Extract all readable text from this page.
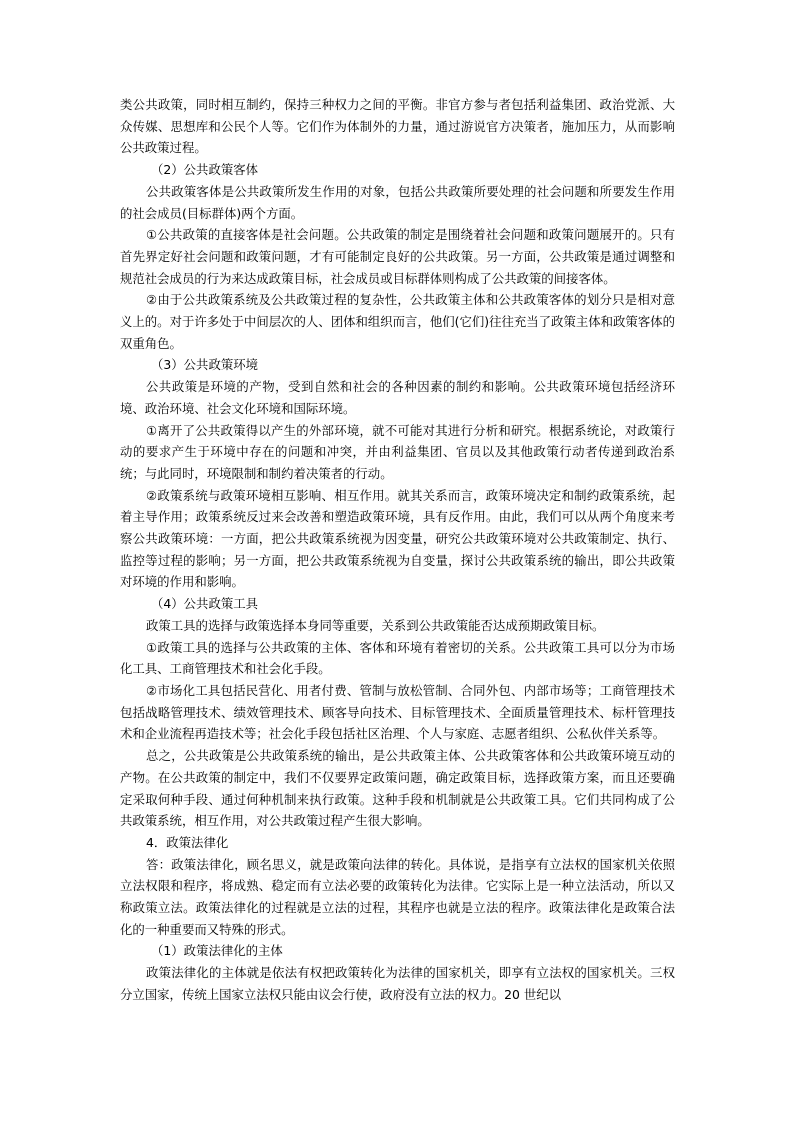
类公共政策，同时相互制约，保持三种权力之间的平衡。非官方参与者包括利益集团、政治党派、大众传媒、思想库和公民个人等。它们作为体制外的力量，通过游说官方决策者，施加压力，从而影响公共政策过程。

（2）公共政策客体

公共政策客体是公共政策所发生作用的对象，包括公共政策所要处理的社会问题和所要发生作用的社会成员(目标群体)两个方面。

①公共政策的直接客体是社会问题。公共政策的制定是围绕着社会问题和政策问题展开的。只有首先界定好社会问题和政策问题，才有可能制定良好的公共政策。另一方面，公共政策是通过调整和规范社会成员的行为来达成政策目标，社会成员或目标群体则构成了公共政策的间接客体。

②由于公共政策系统及公共政策过程的复杂性，公共政策主体和公共政策客体的划分只是相对意义上的。对于许多处于中间层次的人、团体和组织而言，他们(它们)往往充当了政策主体和政策客体的双重角色。

（3）公共政策环境

公共政策是环境的产物，受到自然和社会的各种因素的制约和影响。公共政策环境包括经济环境、政治环境、社会文化环境和国际环境。

①离开了公共政策得以产生的外部环境，就不可能对其进行分析和研究。根据系统论，对政策行动的要求产生于环境中存在的问题和冲突，并由利益集团、官员以及其他政策行动者传递到政治系统；与此同时，环境限制和制约着决策者的行动。

②政策系统与政策环境相互影响、相互作用。就其关系而言，政策环境决定和制约政策系统，起着主导作用；政策系统反过来会改善和塑造政策环境，具有反作用。由此，我们可以从两个角度来考察公共政策环境：一方面，把公共政策系统视为因变量，研究公共政策环境对公共政策制定、执行、监控等过程的影响；另一方面，把公共政策系统视为自变量，探讨公共政策系统的输出，即公共政策对环境的作用和影响。

（4）公共政策工具

政策工具的选择与政策选择本身同等重要，关系到公共政策能否达成预期政策目标。

①政策工具的选择与公共政策的主体、客体和环境有着密切的关系。公共政策工具可以分为市场化工具、工商管理技术和社会化手段。

②市场化工具包括民营化、用者付费、管制与放松管制、合同外包、内部市场等；工商管理技术包括战略管理技术、绩效管理技术、顾客导向技术、目标管理技术、全面质量管理技术、标杆管理技术和企业流程再造技术等；社会化手段包括社区治理、个人与家庭、志愿者组织、公私伙伴关系等。

总之，公共政策是公共政策系统的输出，是公共政策主体、公共政策客体和公共政策环境互动的产物。在公共政策的制定中，我们不仅要界定政策问题，确定政策目标，选择政策方案，而且还要确定采取何种手段、通过何种机制来执行政策。这种手段和机制就是公共政策工具。它们共同构成了公共政策系统，相互作用，对公共政策过程产生很大影响。

4．政策法律化

答：政策法律化，顾名思义，就是政策向法律的转化。具体说，是指享有立法权的国家机关依照立法权限和程序，将成熟、稳定而有立法必要的政策转化为法律。它实际上是一种立法活动，所以又称政策立法。政策法律化的过程就是立法的过程，其程序也就是立法的程序。政策法律化是政策合法化的一种重要而又特殊的形式。

（1）政策法律化的主体

政策法律化的主体就是依法有权把政策转化为法律的国家机关，即享有立法权的国家机关。三权分立国家，传统上国家立法权只能由议会行使，政府没有立法的权力。20 世纪以
